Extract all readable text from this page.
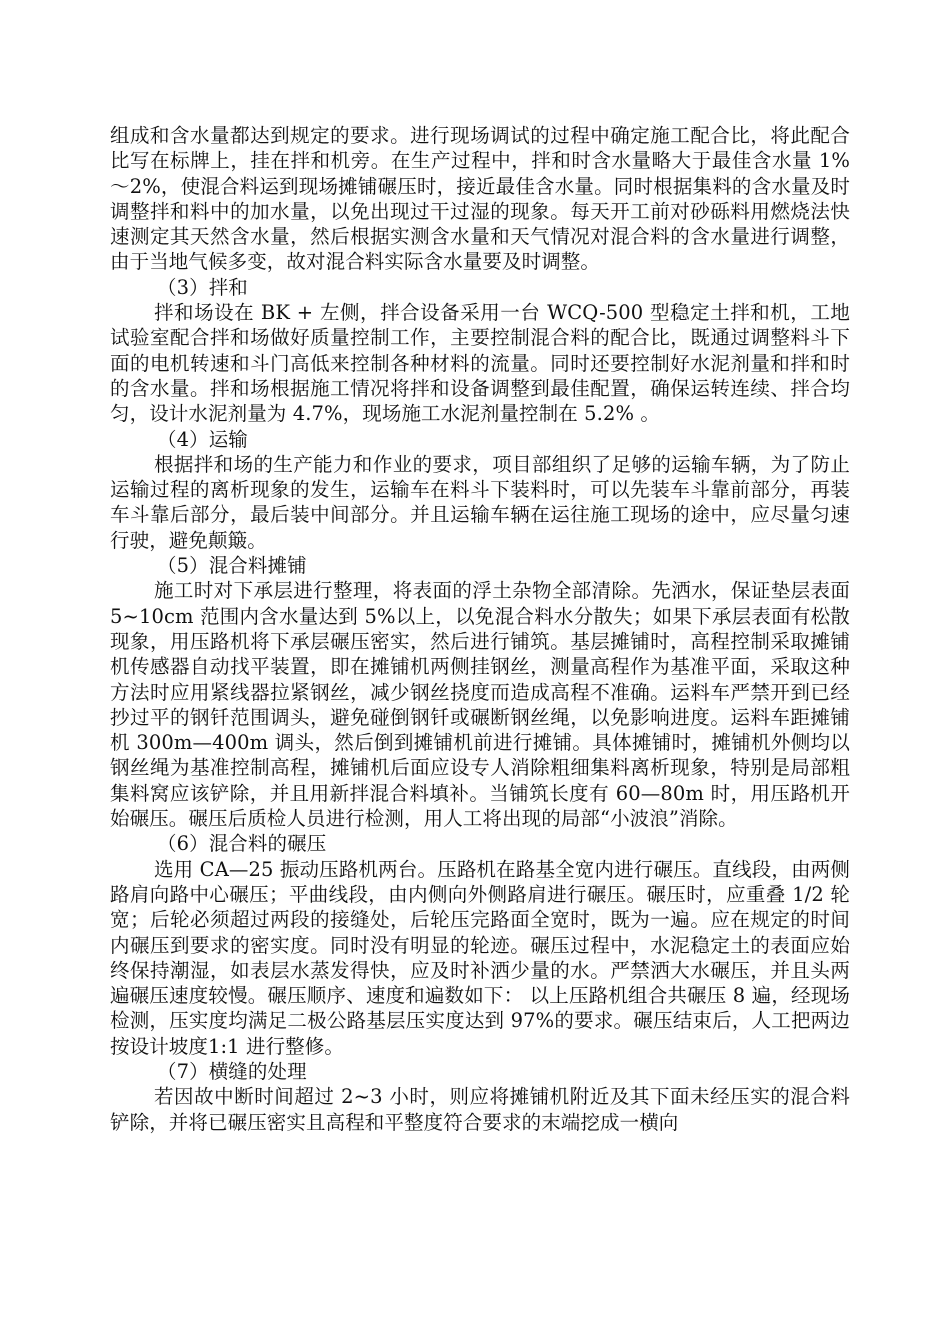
组成和含水量都达到规定的要求。进行现场调试的过程中确定施工配合比，将此配合比写在标牌上，挂在拌和机旁。在生产过程中，拌和时含水量略大于最佳含水量 1%～2%，使混合料运到现场摊铺碾压时，接近最佳含水量。同时根据集料的含水量及时调整拌和料中的加水量，以免出现过干过湿的现象。每天开工前对砂砾料用燃烧法快速测定其天然含水量，然后根据实测含水量和天气情况对混合料的含水量进行调整，由于当地气候多变，故对混合料实际含水量要及时调整。

（3）拌和

拌和场设在 BK + 左侧，拌合设备采用一台 WCQ-500 型稳定土拌和机，工地试验室配合拌和场做好质量控制工作，主要控制混合料的配合比，既通过调整料斗下面的电机转速和斗门高低来控制各种材料的流量。同时还要控制好水泥剂量和拌和时的含水量。拌和场根据施工情况将拌和设备调整到最佳配置，确保运转连续、拌合均匀，设计水泥剂量为 4.7%，现场施工水泥剂量控制在 5.2% 。

（4）运输

根据拌和场的生产能力和作业的要求，项目部组织了足够的运输车辆，为了防止运输过程的离析现象的发生，运输车在料斗下装料时，可以先装车斗靠前部分，再装车斗靠后部分，最后装中间部分。并且运输车辆在运往施工现场的途中，应尽量匀速行驶，避免颠簸。

（5）混合料摊铺

施工时对下承层进行整理，将表面的浮土杂物全部清除。先洒水，保证垫层表面 5~10cm 范围内含水量达到 5%以上，以免混合料水分散失；如果下承层表面有松散现象，用压路机将下承层碾压密实，然后进行铺筑。基层摊铺时，高程控制采取摊铺机传感器自动找平装置，即在摊铺机两侧挂钢丝，测量高程作为基准平面，采取这种方法时应用紧线器拉紧钢丝，减少钢丝挠度而造成高程不准确。运料车严禁开到已经抄过平的钢钎范围调头，避免碰倒钢钎或碾断钢丝绳，以免影响进度。运料车距摊铺机 300m—400m 调头，然后倒到摊铺机前进行摊铺。具体摊铺时，摊铺机外侧均以钢丝绳为基准控制高程，摊铺机后面应设专人消除粗细集料离析现象，特别是局部粗集料窝应该铲除，并且用新拌混合料填补。当铺筑长度有 60—80m 时，用压路机开始碾压。碾压后质检人员进行检测，用人工将出现的局部“小波浪”消除。

（6）混合料的碾压

选用 CA—25 振动压路机两台。压路机在路基全宽内进行碾压。直线段，由两侧路肩向路中心碾压；平曲线段，由内侧向外侧路肩进行碾压。碾压时，应重叠 1/2 轮宽；后轮必须超过两段的接缝处，后轮压完路面全宽时，既为一遍。应在规定的时间内碾压到要求的密实度。同时没有明显的轮迹。碾压过程中，水泥稳定土的表面应始终保持潮湿，如表层水蒸发得快，应及时补洒少量的水。严禁洒大水碾压，并且头两遍碾压速度较慢。碾压顺序、速度和遍数如下： 以上压路机组合共碾压 8 遍，经现场检测，压实度均满足二极公路基层压实度达到 97%的要求。碾压结束后，人工把两边按设计坡度1:1 进行整修。

（7）横缝的处理

若因故中断时间超过 2~3 小时，则应将摊铺机附近及其下面未经压实的混合料铲除，并将已碾压密实且高程和平整度符合要求的末端挖成一横向
